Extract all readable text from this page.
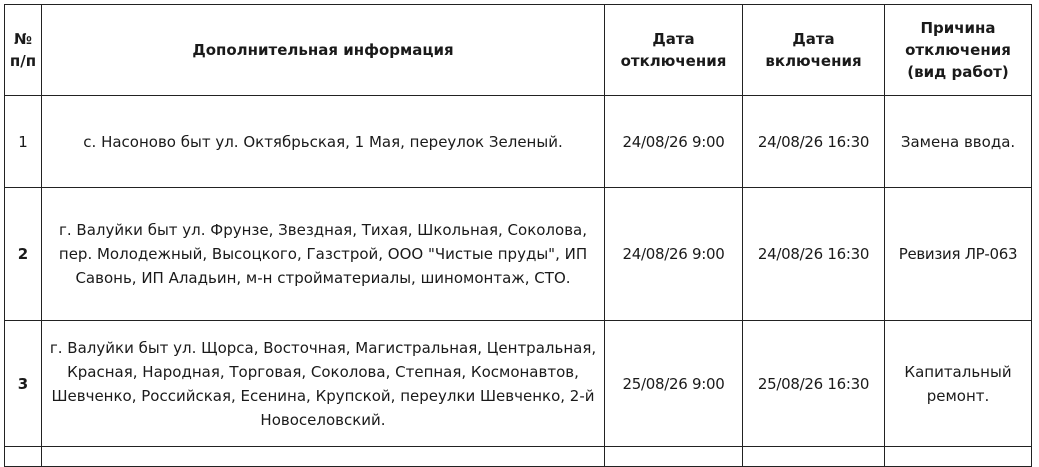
№ п/п	Дополнительная информация	Дата отключения	Дата включения	Причина отключения (вид работ)
1	с. Насоново быт ул. Октябрьская, 1 Мая, переулок Зеленый.	24/08/26 9:00	24/08/26 16:30	Замена ввода.
2	г. Валуйки быт ул. Фрунзе, Звездная, Тихая, Школьная, Соколова, пер. Молодежный, Высоцкого, Газстрой, ООО "Чистые пруды", ИП Савонь, ИП Аладьин, м-н стройматериалы, шиномонтаж, СТО.	24/08/26 9:00	24/08/26 16:30	Ревизия ЛР-063
3	г. Валуйки быт ул. Щорса, Восточная, Магистральная, Центральная, Красная, Народная, Торговая, Соколова, Степная, Космонавтов, Шевченко, Российская, Есенина, Крупской, переулки Шевченко, 2-й Новоселовский.	25/08/26 9:00	25/08/26 16:30	Капитальный ремонт.
